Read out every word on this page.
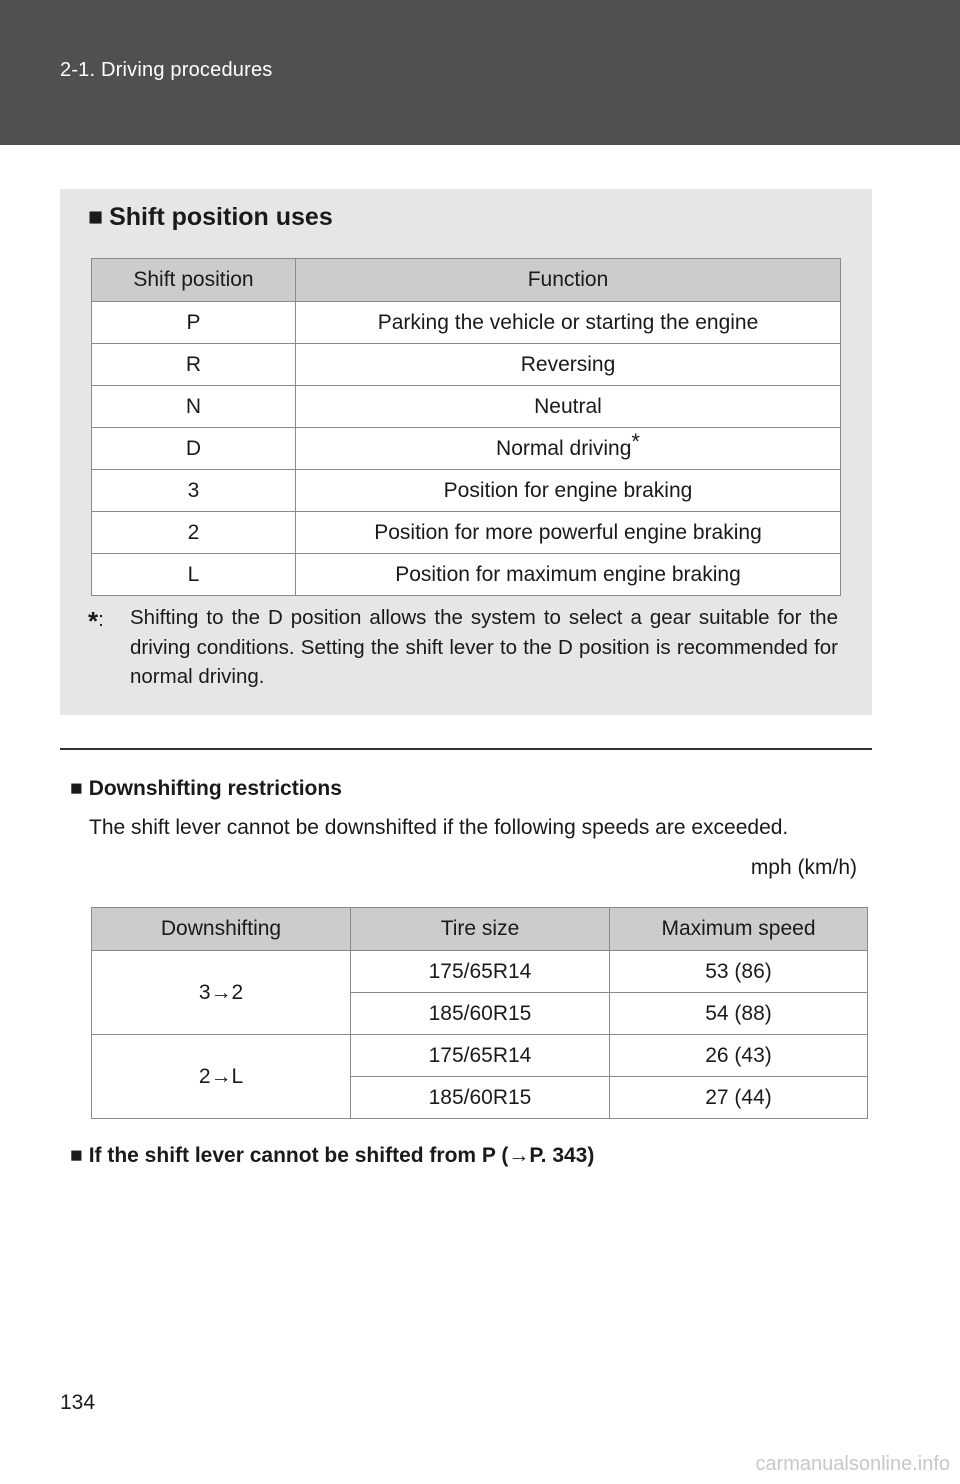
2-1. Driving procedures
■ Shift position uses
Shift position	Function
P	Parking the vehicle or starting the engine
R	Reversing
N	Neutral
D	Normal driving*
3	Position for engine braking
2	Position for more powerful engine braking
L	Position for maximum engine braking
*:	Shifting to the D position allows the system to select a gear suitable for the driving conditions. Setting the shift lever to the D position is recommended for normal driving.
■ Downshifting restrictions
The shift lever cannot be downshifted if the following speeds are exceeded.
mph (km/h)
Downshifting	Tire size	Maximum speed
3→2	175/65R14	53 (86)
	185/60R15	54 (88)
2→L	175/65R14	26 (43)
	185/60R15	27 (44)
■ If the shift lever cannot be shifted from P (→P. 343)
134
carmanualsonline.info
